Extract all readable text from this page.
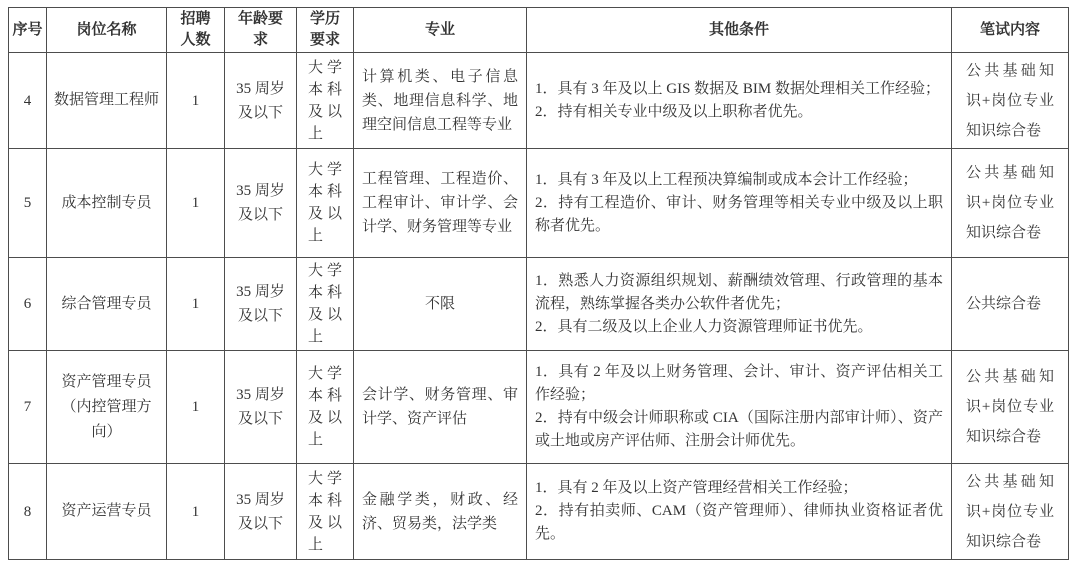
序号	岗位名称	招聘人数	年龄要求	学历要求	专业	其他条件	笔试内容
4	数据管理工程师	1	35 周岁及以下	大学本科及以上	计算机类、电子信息类、地理信息科学、地理空间信息工程等专业	1．具有 3 年及以上 GIS 数据及 BIM 数据处理相关工作经验；
2．持有相关专业中级及以上职称者优先。	公共基础知识+岗位专业知识综合卷
5	成本控制专员	1	35 周岁及以下	大学本科及以上	工程管理、工程造价、工程审计、审计学、会计学、财务管理等专业	1．具有 3 年及以上工程预决算编制或成本会计工作经验；
2．持有工程造价、审计、财务管理等相关专业中级及以上职称者优先。	公共基础知识+岗位专业知识综合卷
6	综合管理专员	1	35 周岁及以下	大学本科及以上	不限	1．熟悉人力资源组织规划、薪酬绩效管理、行政管理的基本流程，熟练掌握各类办公软件者优先；
2．具有二级及以上企业人力资源管理师证书优先。	公共综合卷
7	资产管理专员（内控管理方向）	1	35 周岁及以下	大学本科及以上	会计学、财务管理、审计学、资产评估	1．具有 2 年及以上财务管理、会计、审计、资产评估相关工作经验；
2．持有中级会计师职称或 CIA（国际注册内部审计师）、资产或土地或房产评估师、注册会计师优先。	公共基础知识+岗位专业知识综合卷
8	资产运营专员	1	35 周岁及以下	大学本科及以上	金融学类，财政、经济、贸易类，法学类	1．具有 2 年及以上资产管理经营相关工作经验；
2．持有拍卖师、CAM（资产管理师）、律师执业资格证者优先。	公共基础知识+岗位专业知识综合卷
